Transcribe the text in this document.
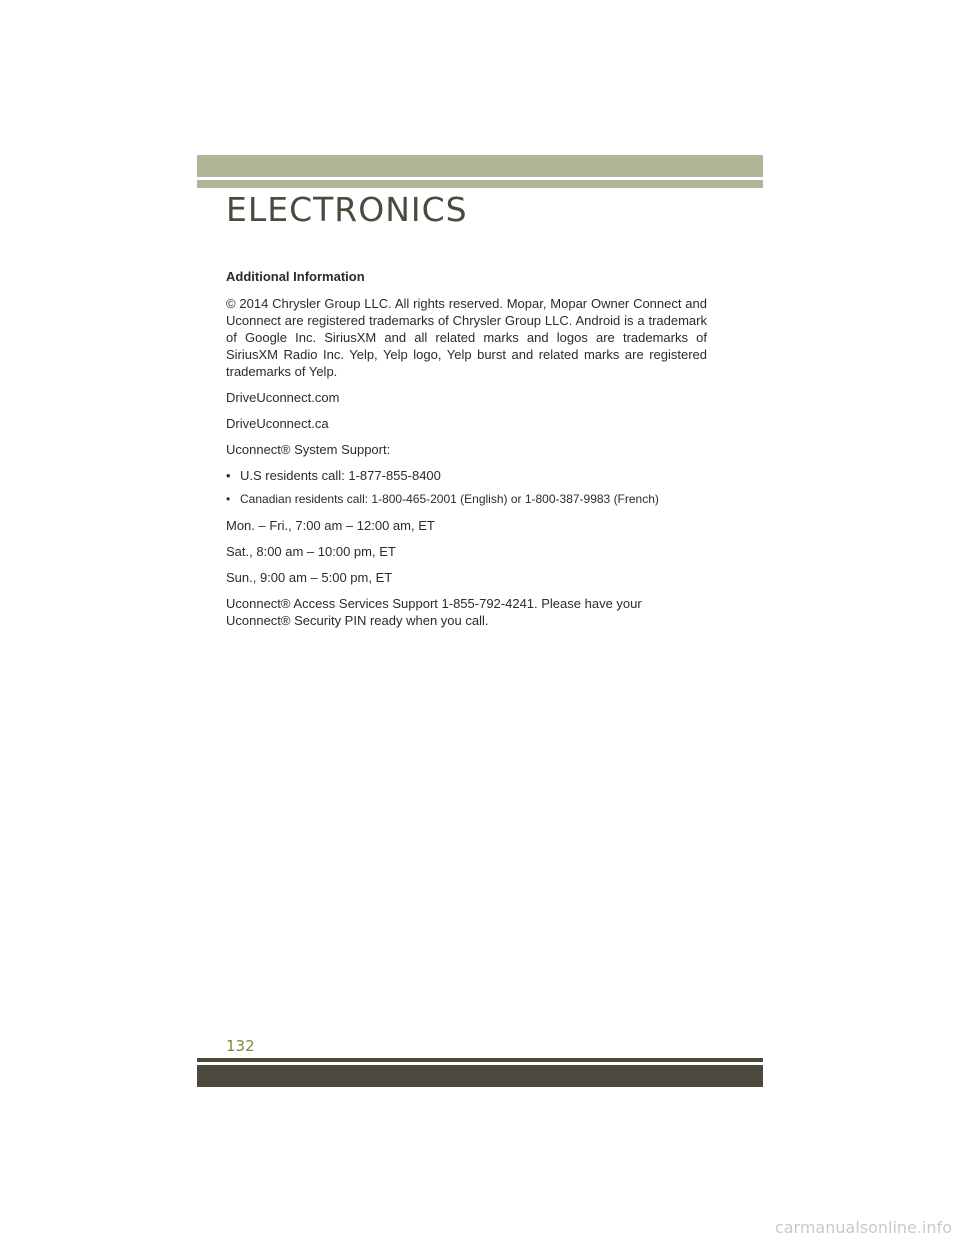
ELECTRONICS
Additional Information

© 2014 Chrysler Group LLC. All rights reserved. Mopar, Mopar Owner Connect and Uconnect are registered trademarks of Chrysler Group LLC. Android is a trademark of Google Inc. SiriusXM and all related marks and logos are trademarks of SiriusXM Radio Inc. Yelp, Yelp logo, Yelp burst and related marks are registered trademarks of Yelp.

DriveUconnect.com

DriveUconnect.ca

Uconnect® System Support:

• U.S residents call: 1-877-855-8400
• Canadian residents call: 1-800-465-2001 (English) or 1-800-387-9983 (French)

Mon. – Fri., 7:00 am – 12:00 am, ET

Sat., 8:00 am – 10:00 pm, ET

Sun., 9:00 am – 5:00 pm, ET

Uconnect® Access Services Support 1-855-792-4241. Please have your Uconnect® Security PIN ready when you call.

132
carmanualsonline.info
